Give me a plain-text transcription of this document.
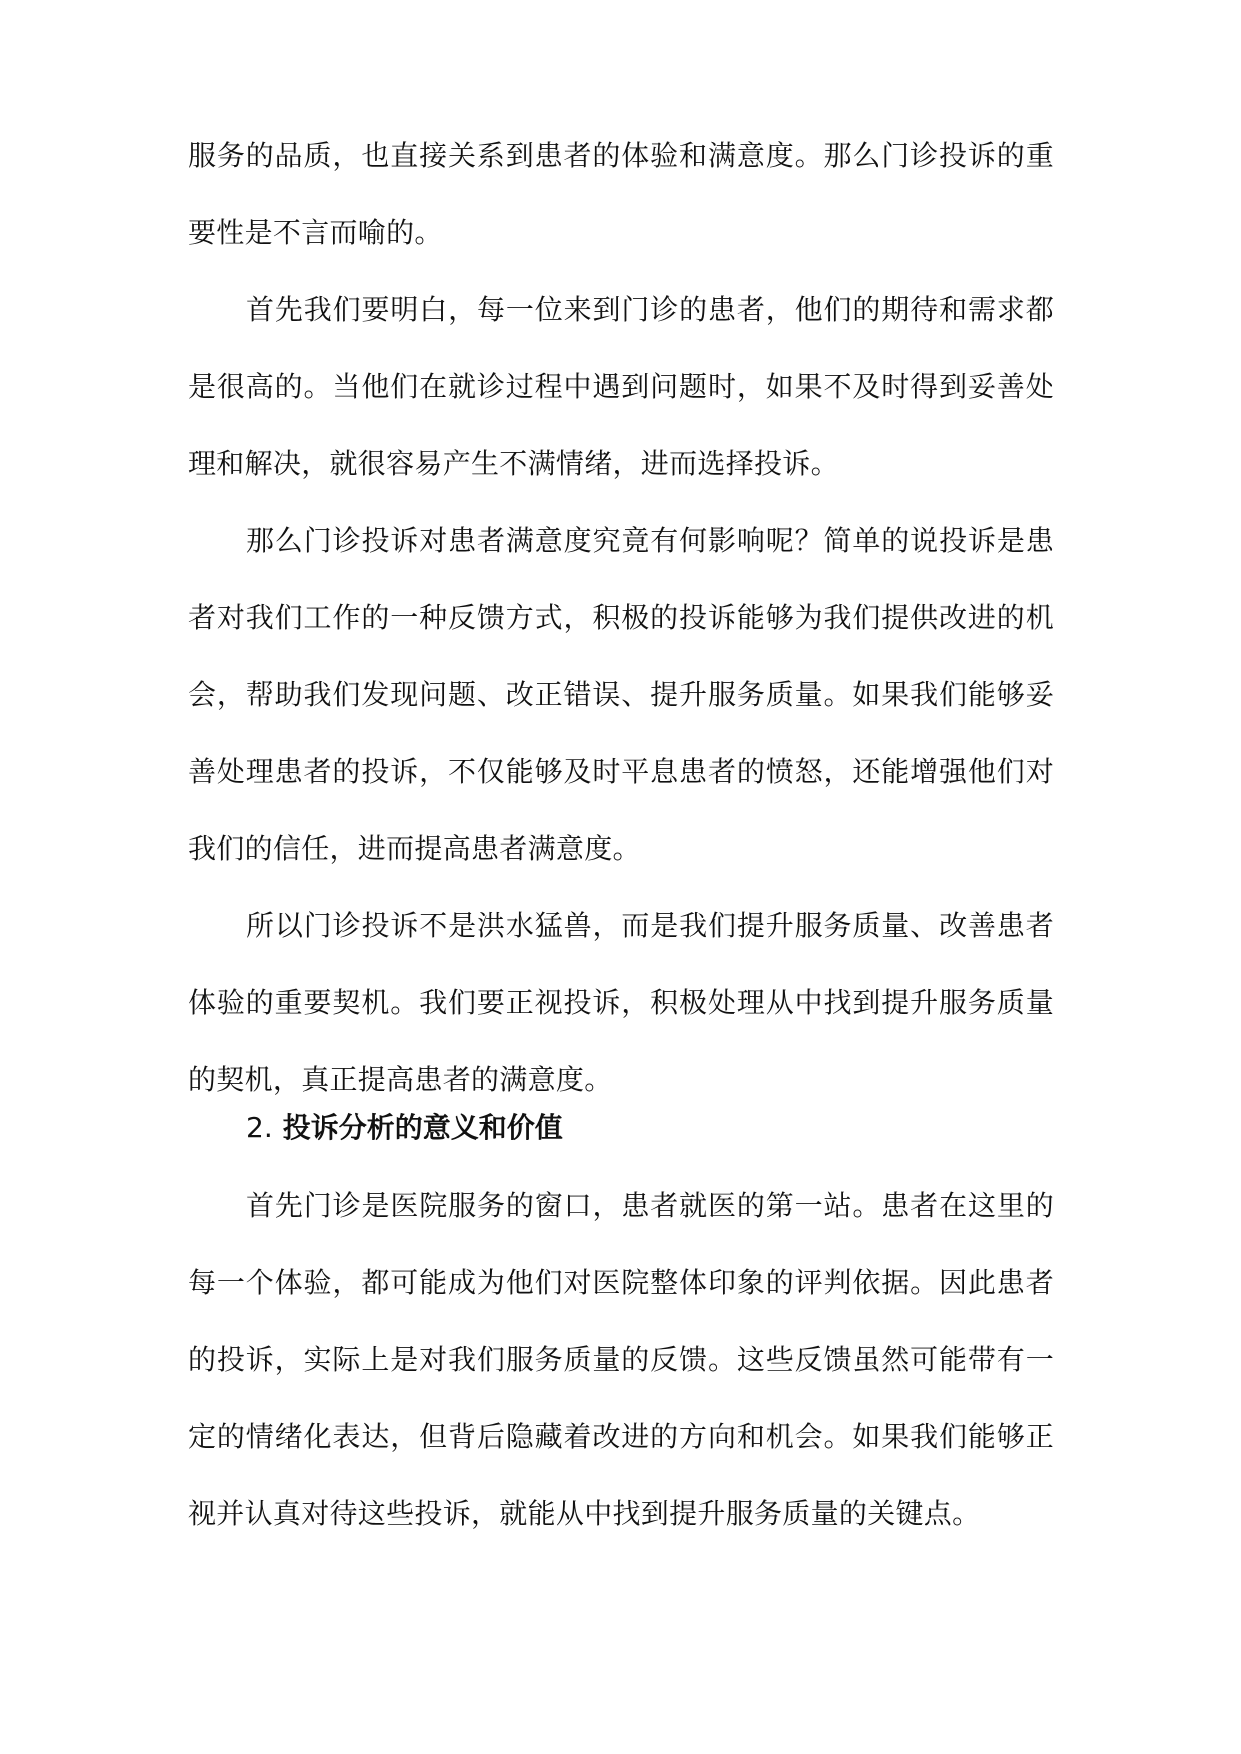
服务的品质，也直接关系到患者的体验和满意度。那么门诊投诉的重要性是不言而喻的。

首先我们要明白，每一位来到门诊的患者，他们的期待和需求都是很高的。当他们在就诊过程中遇到问题时，如果不及时得到妥善处理和解决，就很容易产生不满情绪，进而选择投诉。

那么门诊投诉对患者满意度究竟有何影响呢？简单的说投诉是患者对我们工作的一种反馈方式，积极的投诉能够为我们提供改进的机会，帮助我们发现问题、改正错误、提升服务质量。如果我们能够妥善处理患者的投诉，不仅能够及时平息患者的愤怒，还能增强他们对我们的信任，进而提高患者满意度。

所以门诊投诉不是洪水猛兽，而是我们提升服务质量、改善患者体验的重要契机。我们要正视投诉，积极处理从中找到提升服务质量的契机，真正提高患者的满意度。

2. 投诉分析的意义和价值

首先门诊是医院服务的窗口，患者就医的第一站。患者在这里的每一个体验，都可能成为他们对医院整体印象的评判依据。因此患者的投诉，实际上是对我们服务质量的反馈。这些反馈虽然可能带有一定的情绪化表达，但背后隐藏着改进的方向和机会。如果我们能够正视并认真对待这些投诉，就能从中找到提升服务质量的关键点。
